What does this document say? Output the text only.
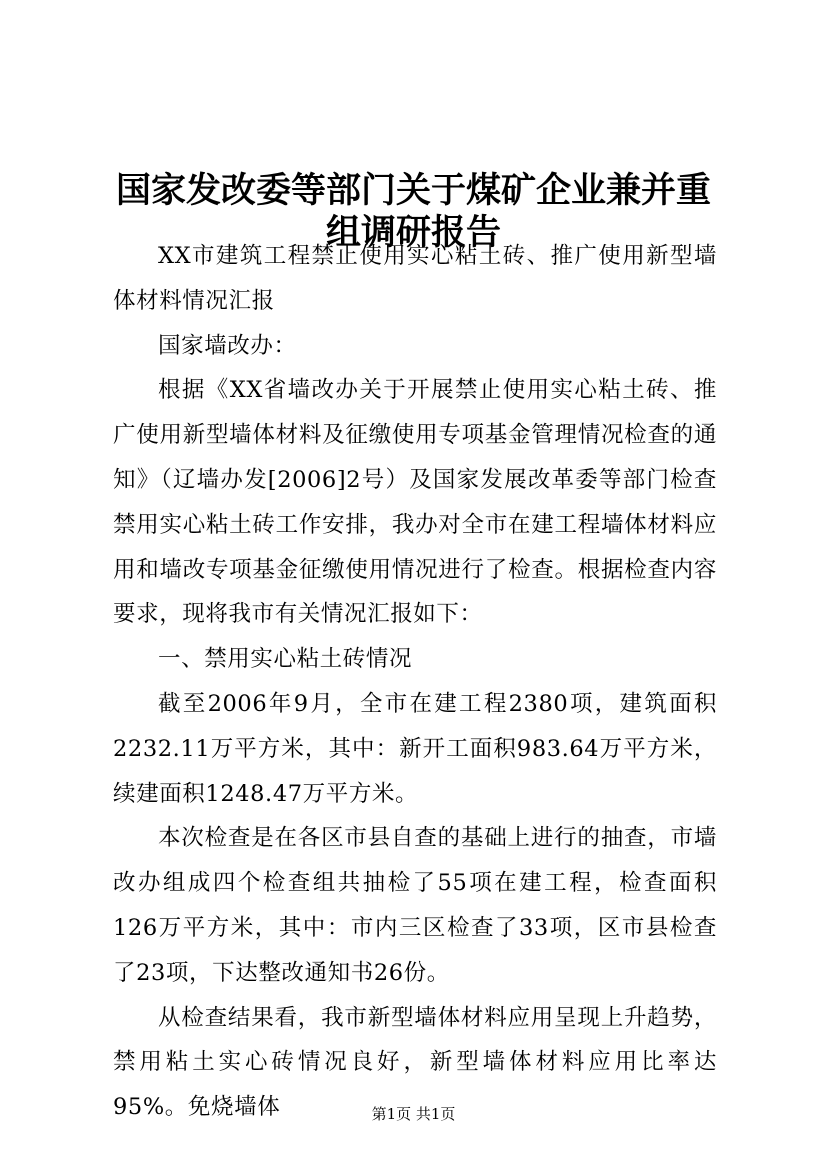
国家发改委等部门关于煤矿企业兼并重组调研报告

XX市建筑工程禁止使用实心粘土砖、推广使用新型墙体材料情况汇报

国家墙改办：

根据《XX省墙改办关于开展禁止使用实心粘土砖、推广使用新型墙体材料及征缴使用专项基金管理情况检查的通知》（辽墙办发[2006]2号）及国家发展改革委等部门检查禁用实心粘土砖工作安排，我办对全市在建工程墙体材料应用和墙改专项基金征缴使用情况进行了检查。根据检查内容要求，现将我市有关情况汇报如下：

一、禁用实心粘土砖情况

截至2006年9月，全市在建工程2380项，建筑面积2232.11万平方米，其中：新开工面积983.64万平方米，续建面积1248.47万平方米。

本次检查是在各区市县自查的基础上进行的抽查，市墙改办组成四个检查组共抽检了55项在建工程，检查面积126万平方米，其中：市内三区检查了33项，区市县检查了23项，下达整改通知书26份。

从检查结果看，我市新型墙体材料应用呈现上升趋势，禁用粘土实心砖情况良好，新型墙体材料应用比率达95%。免烧墙体	第1页 共1页
